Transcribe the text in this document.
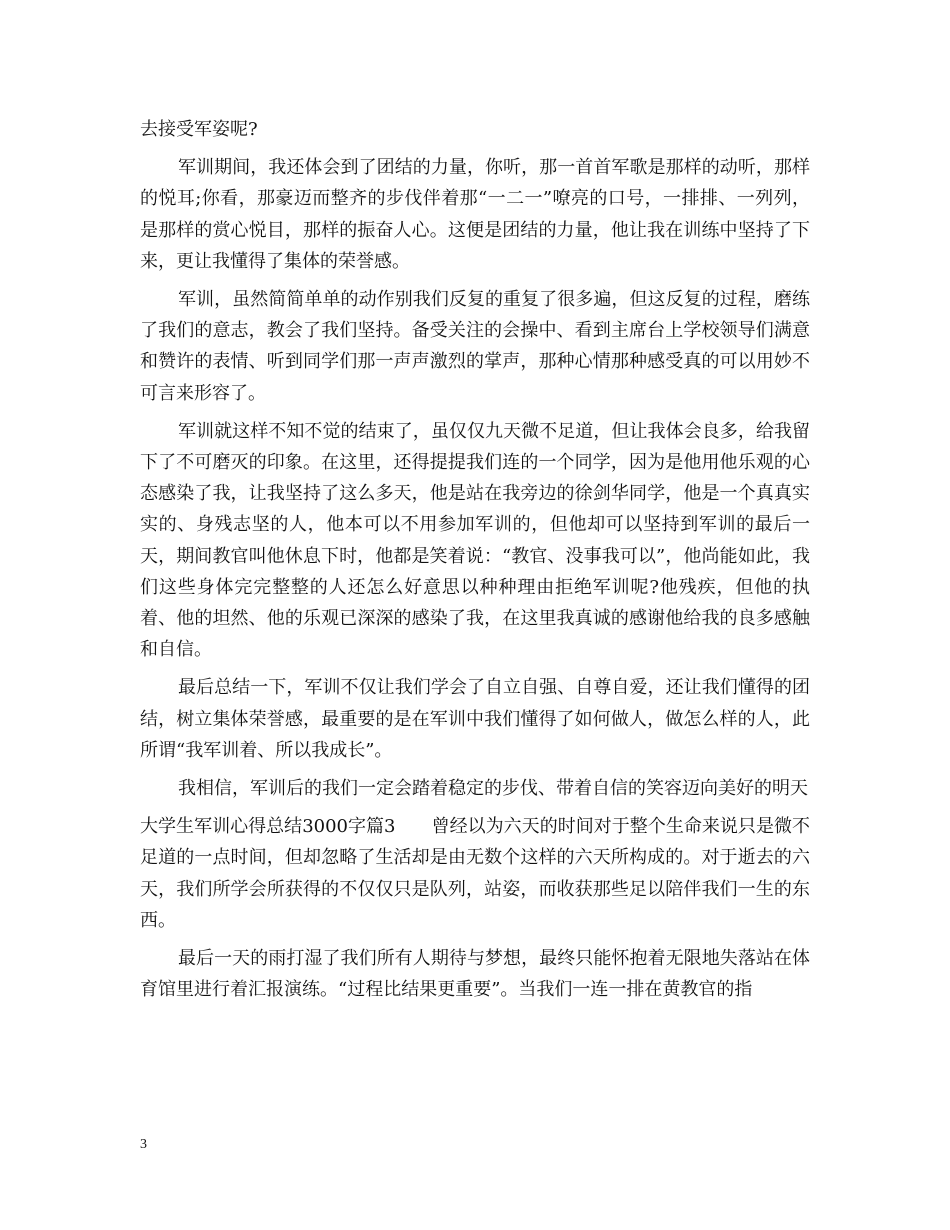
去接受军姿呢?

军训期间，我还体会到了团结的力量，你听，那一首首军歌是那样的动听，那样的悦耳;你看，那豪迈而整齐的步伐伴着那“一二一”嘹亮的口号，一排排、一列列，是那样的赏心悦目，那样的振奋人心。这便是团结的力量，他让我在训练中坚持了下来，更让我懂得了集体的荣誉感。

军训，虽然简简单单的动作别我们反复的重复了很多遍，但这反复的过程，磨练了我们的意志，教会了我们坚持。备受关注的会操中、看到主席台上学校领导们满意和赞许的表情、听到同学们那一声声激烈的掌声，那种心情那种感受真的可以用妙不可言来形容了。

军训就这样不知不觉的结束了，虽仅仅九天微不足道，但让我体会良多，给我留下了不可磨灭的印象。在这里，还得提提我们连的一个同学，因为是他用他乐观的心态感染了我，让我坚持了这么多天，他是站在我旁边的徐剑华同学，他是一个真真实实的、身残志坚的人，他本可以不用参加军训的，但他却可以坚持到军训的最后一天，期间教官叫他休息下时，他都是笑着说：“教官、没事我可以”，他尚能如此，我们这些身体完完整整的人还怎么好意思以种种理由拒绝军训呢?他残疾，但他的执着、他的坦然、他的乐观已深深的感染了我，在这里我真诚的感谢他给我的良多感触和自信。

最后总结一下，军训不仅让我们学会了自立自强、自尊自爱，还让我们懂得的团结，树立集体荣誉感，最重要的是在军训中我们懂得了如何做人，做怎么样的人，此所谓“我军训着、所以我成长”。

我相信，军训后的我们一定会踏着稳定的步伐、带着自信的笑容迈向美好的明天

大学生军训心得总结3000字篇3　　曾经以为六天的时间对于整个生命来说只是微不足道的一点时间，但却忽略了生活却是由无数个这样的六天所构成的。对于逝去的六天，我们所学会所获得的不仅仅只是队列，站姿，而收获那些足以陪伴我们一生的东西。

最后一天的雨打湿了我们所有人期待与梦想，最终只能怀抱着无限地失落站在体育馆里进行着汇报演练。“过程比结果更重要”。当我们一连一排在黄教官的指

3
